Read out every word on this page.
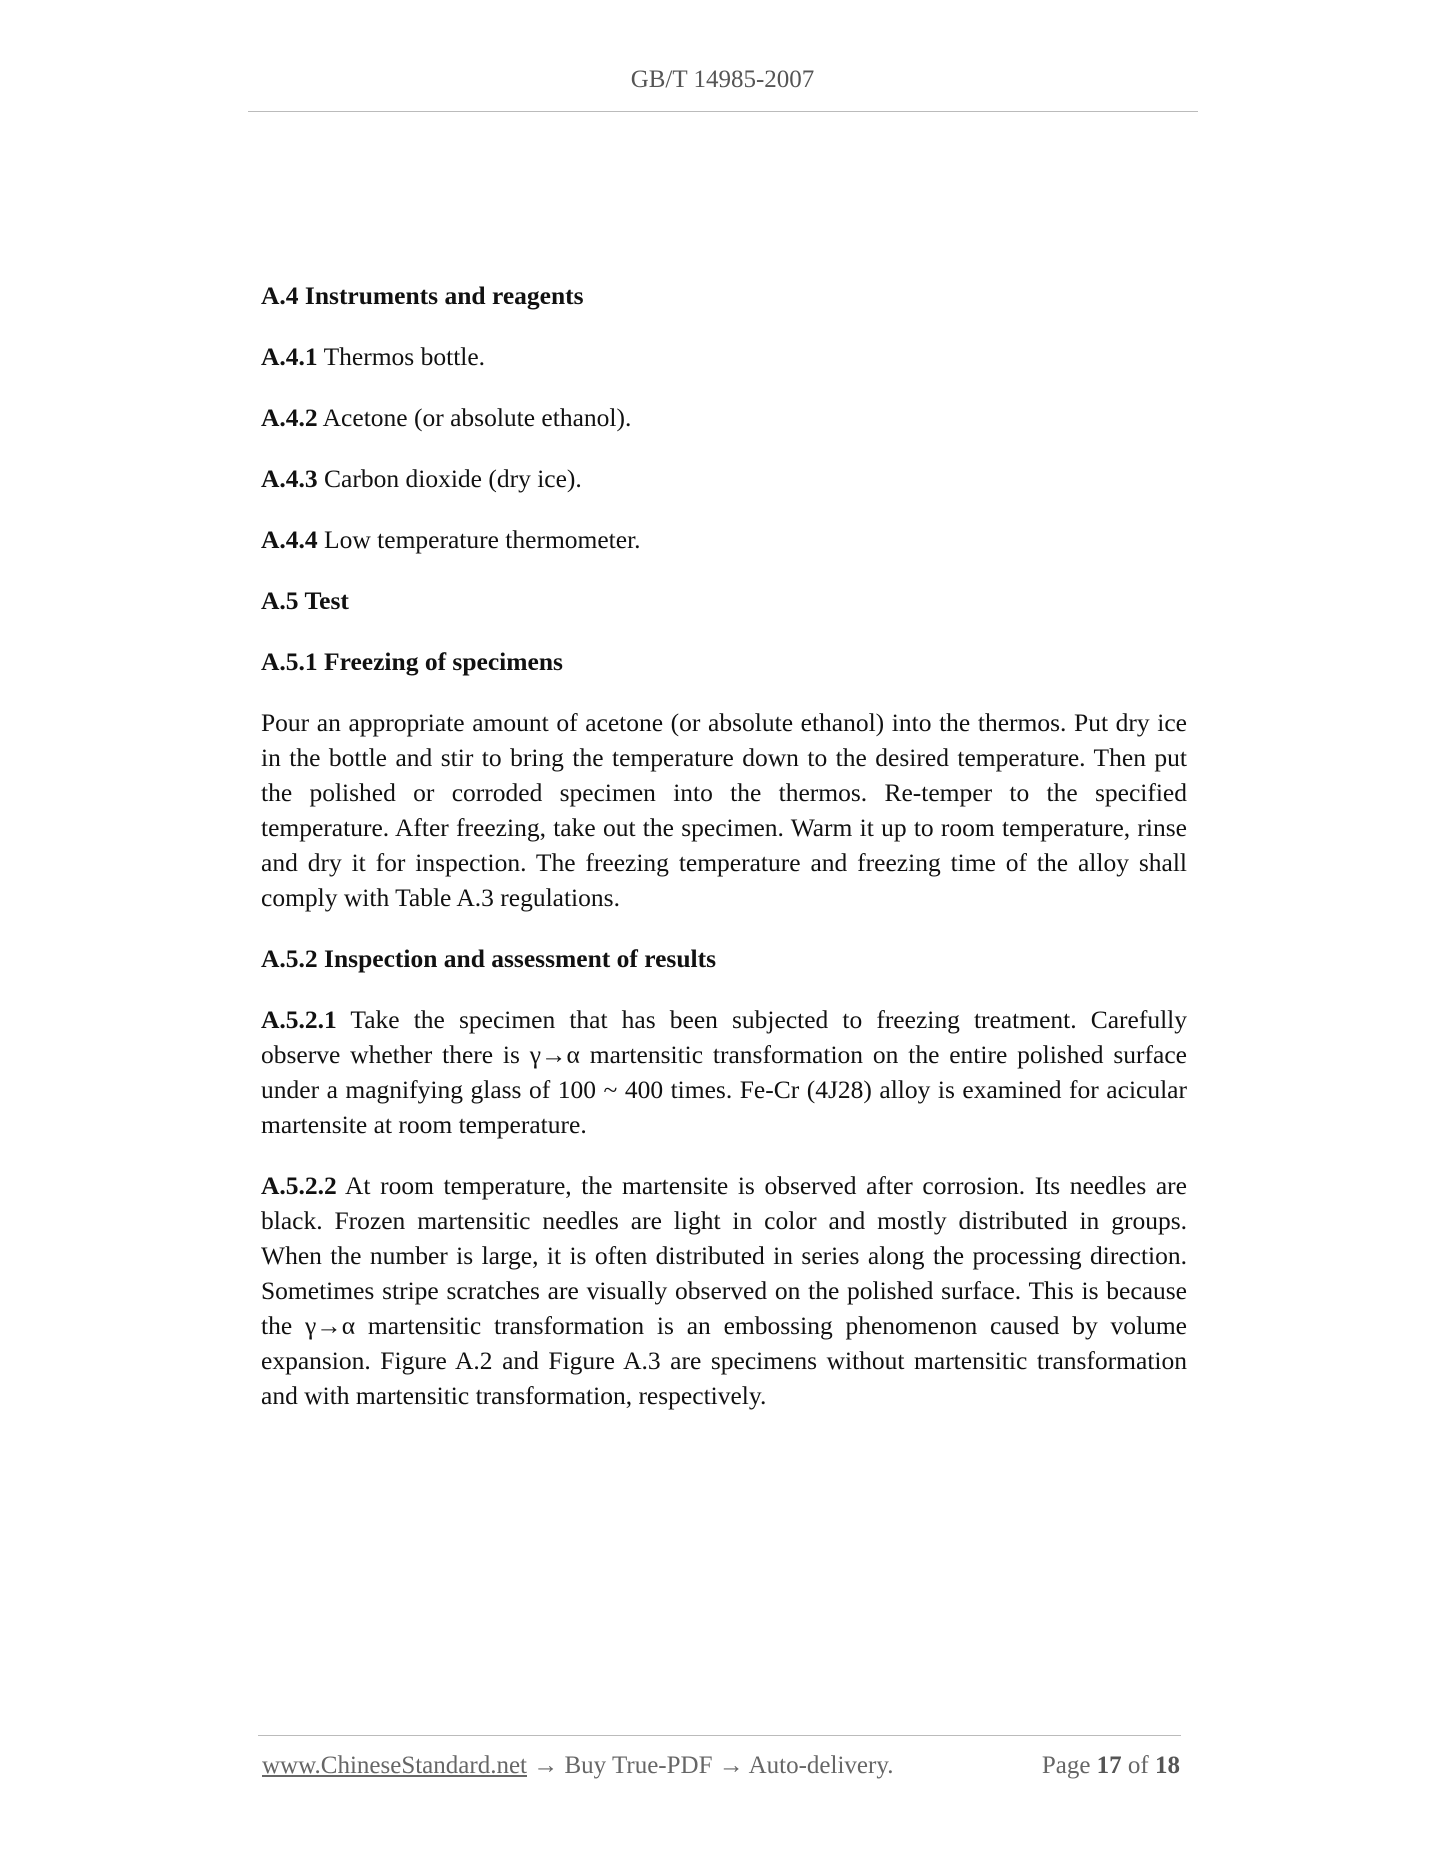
GB/T 14985-2007
A.4 Instruments and reagents
A.4.1 Thermos bottle.
A.4.2 Acetone (or absolute ethanol).
A.4.3 Carbon dioxide (dry ice).
A.4.4 Low temperature thermometer.
A.5 Test
A.5.1 Freezing of specimens
Pour an appropriate amount of acetone (or absolute ethanol) into the thermos. Put dry ice in the bottle and stir to bring the temperature down to the desired temperature. Then put the polished or corroded specimen into the thermos. Re-temper to the specified temperature. After freezing, take out the specimen. Warm it up to room temperature, rinse and dry it for inspection. The freezing temperature and freezing time of the alloy shall comply with Table A.3 regulations.
A.5.2 Inspection and assessment of results
A.5.2.1 Take the specimen that has been subjected to freezing treatment. Carefully observe whether there is γ→α martensitic transformation on the entire polished surface under a magnifying glass of 100 ~ 400 times. Fe-Cr (4J28) alloy is examined for acicular martensite at room temperature.
A.5.2.2 At room temperature, the martensite is observed after corrosion. Its needles are black. Frozen martensitic needles are light in color and mostly distributed in groups. When the number is large, it is often distributed in series along the processing direction. Sometimes stripe scratches are visually observed on the polished surface. This is because the γ→α martensitic transformation is an embossing phenomenon caused by volume expansion. Figure A.2 and Figure A.3 are specimens without martensitic transformation and with martensitic transformation, respectively.
www.ChineseStandard.net → Buy True-PDF → Auto-delivery.	Page 17 of 18
